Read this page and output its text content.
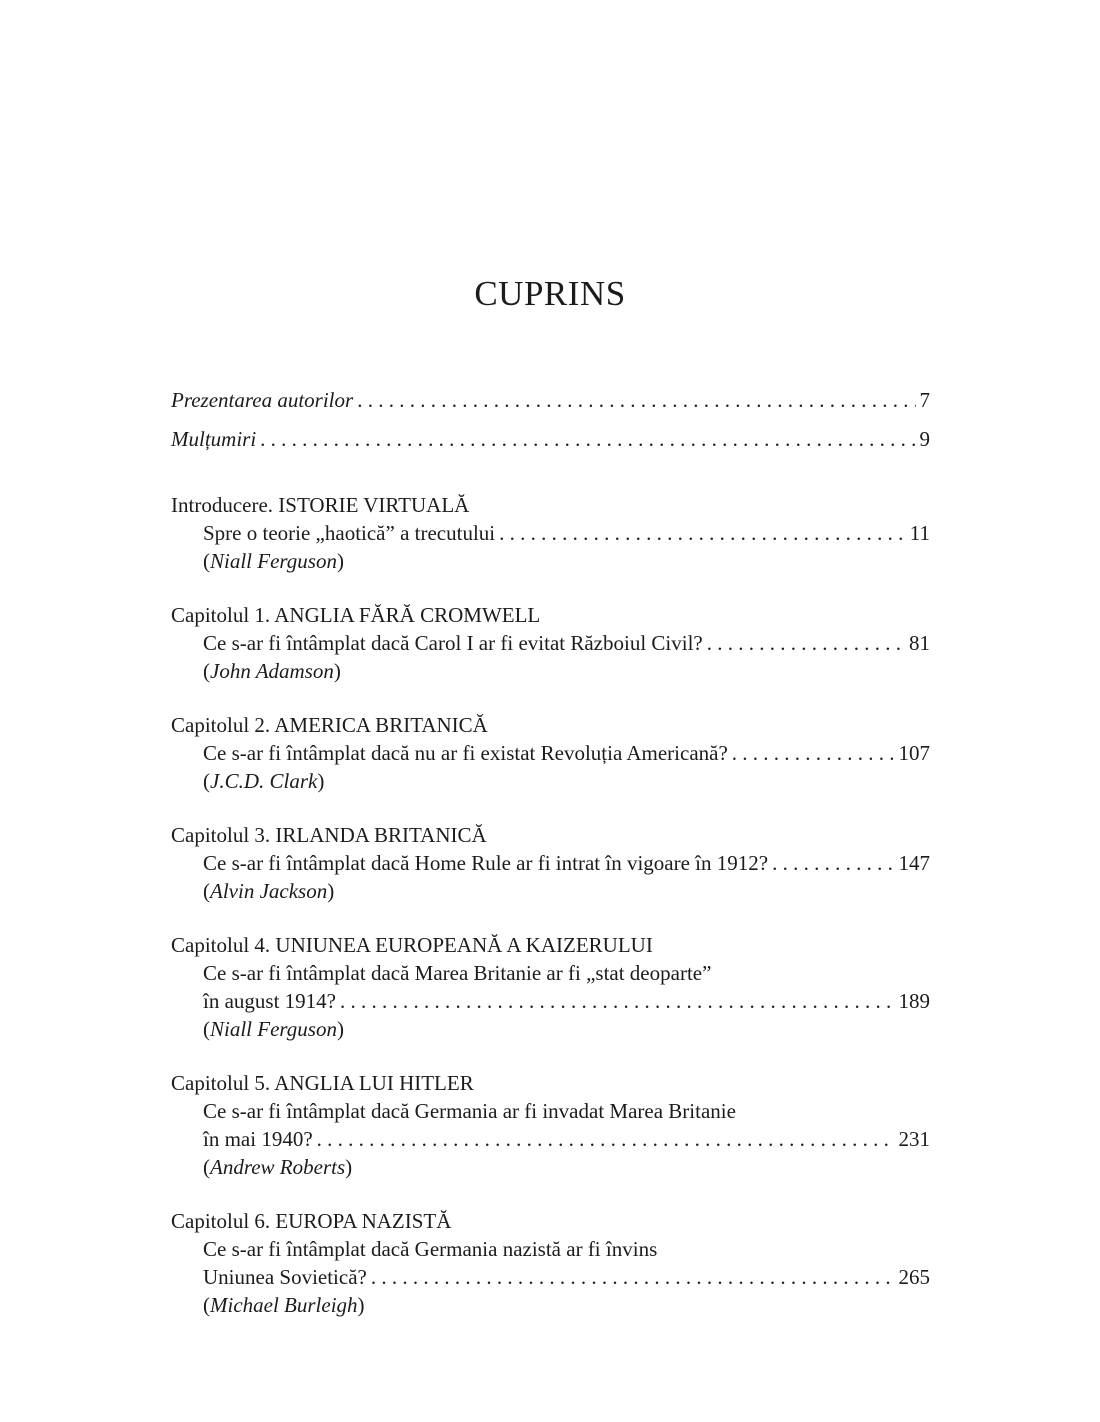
CUPRINS
Prezentarea autorilor . . .	7
Mulțumiri . . .	9
Introducere. ISTORIE VIRTUALĂ
Spre o teorie „haotică” a trecutului . . .	11
(Niall Ferguson)
Capitolul 1. ANGLIA FĂRĂ CROMWELL
Ce s-ar fi întâmplat dacă Carol I ar fi evitat Războiul Civil? . . .	81
(John Adamson)
Capitolul 2. AMERICA BRITANICĂ
Ce s-ar fi întâmplat dacă nu ar fi existat Revoluția Americană? . . .	107
(J.C.D. Clark)
Capitolul 3. IRLANDA BRITANICĂ
Ce s-ar fi întâmplat dacă Home Rule ar fi intrat în vigoare în 1912? . . .	147
(Alvin Jackson)
Capitolul 4. UNIUNEA EUROPEANĂ A KAIZERULUI
Ce s-ar fi întâmplat dacă Marea Britanie ar fi „stat deoparte”
în august 1914? . . .	189
(Niall Ferguson)
Capitolul 5. ANGLIA LUI HITLER
Ce s-ar fi întâmplat dacă Germania ar fi invadat Marea Britanie
în mai 1940? . . .	231
(Andrew Roberts)
Capitolul 6. EUROPA NAZISTĂ
Ce s-ar fi întâmplat dacă Germania nazistă ar fi învins
Uniunea Sovietică? . . .	265
(Michael Burleigh)
